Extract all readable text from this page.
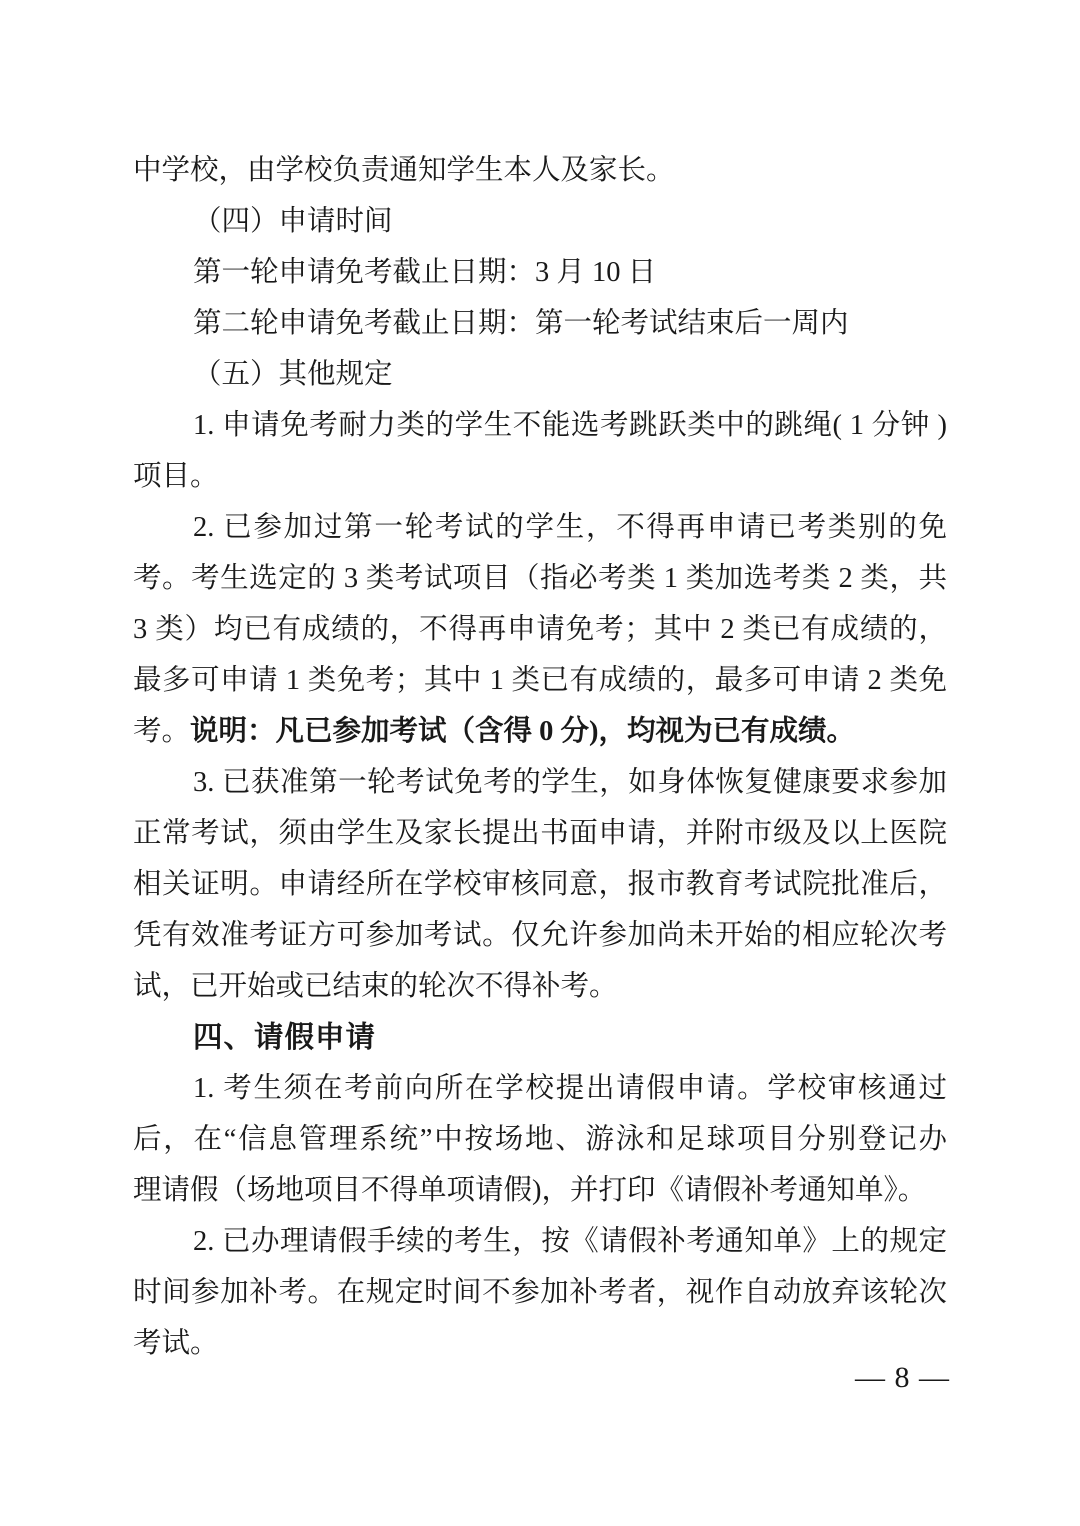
中学校，由学校负责通知学生本人及家长。
（四）申请时间
第一轮申请免考截止日期：3 月 10 日
第二轮申请免考截止日期：第一轮考试结束后一周内
（五）其他规定
1. 申请免考耐力类的学生不能选考跳跃类中的跳绳( 1 分钟 )
项目。
2. 已参加过第一轮考试的学生，不得再申请已考类别的免
考。考生选定的 3 类考试项目（指必考类 1 类加选考类 2 类，共
3 类）均已有成绩的，不得再申请免考；其中 2 类已有成绩的，
最多可申请 1 类免考；其中 1 类已有成绩的，最多可申请 2 类免
考。说明：凡已参加考试（含得 0 分)，均视为已有成绩。
3. 已获准第一轮考试免考的学生，如身体恢复健康要求参加
正常考试，须由学生及家长提出书面申请，并附市级及以上医院
相关证明。申请经所在学校审核同意，报市教育考试院批准后，
凭有效准考证方可参加考试。仅允许参加尚未开始的相应轮次考
试，已开始或已结束的轮次不得补考。
四、请假申请
1. 考生须在考前向所在学校提出请假申请。学校审核通过
后，在“信息管理系统”中按场地、游泳和足球项目分别登记办
理请假（场地项目不得单项请假)，并打印《请假补考通知单》。
2. 已办理请假手续的考生，按《请假补考通知单》上的规定
时间参加补考。在规定时间不参加补考者，视作自动放弃该轮次
考试。
— 8 —
